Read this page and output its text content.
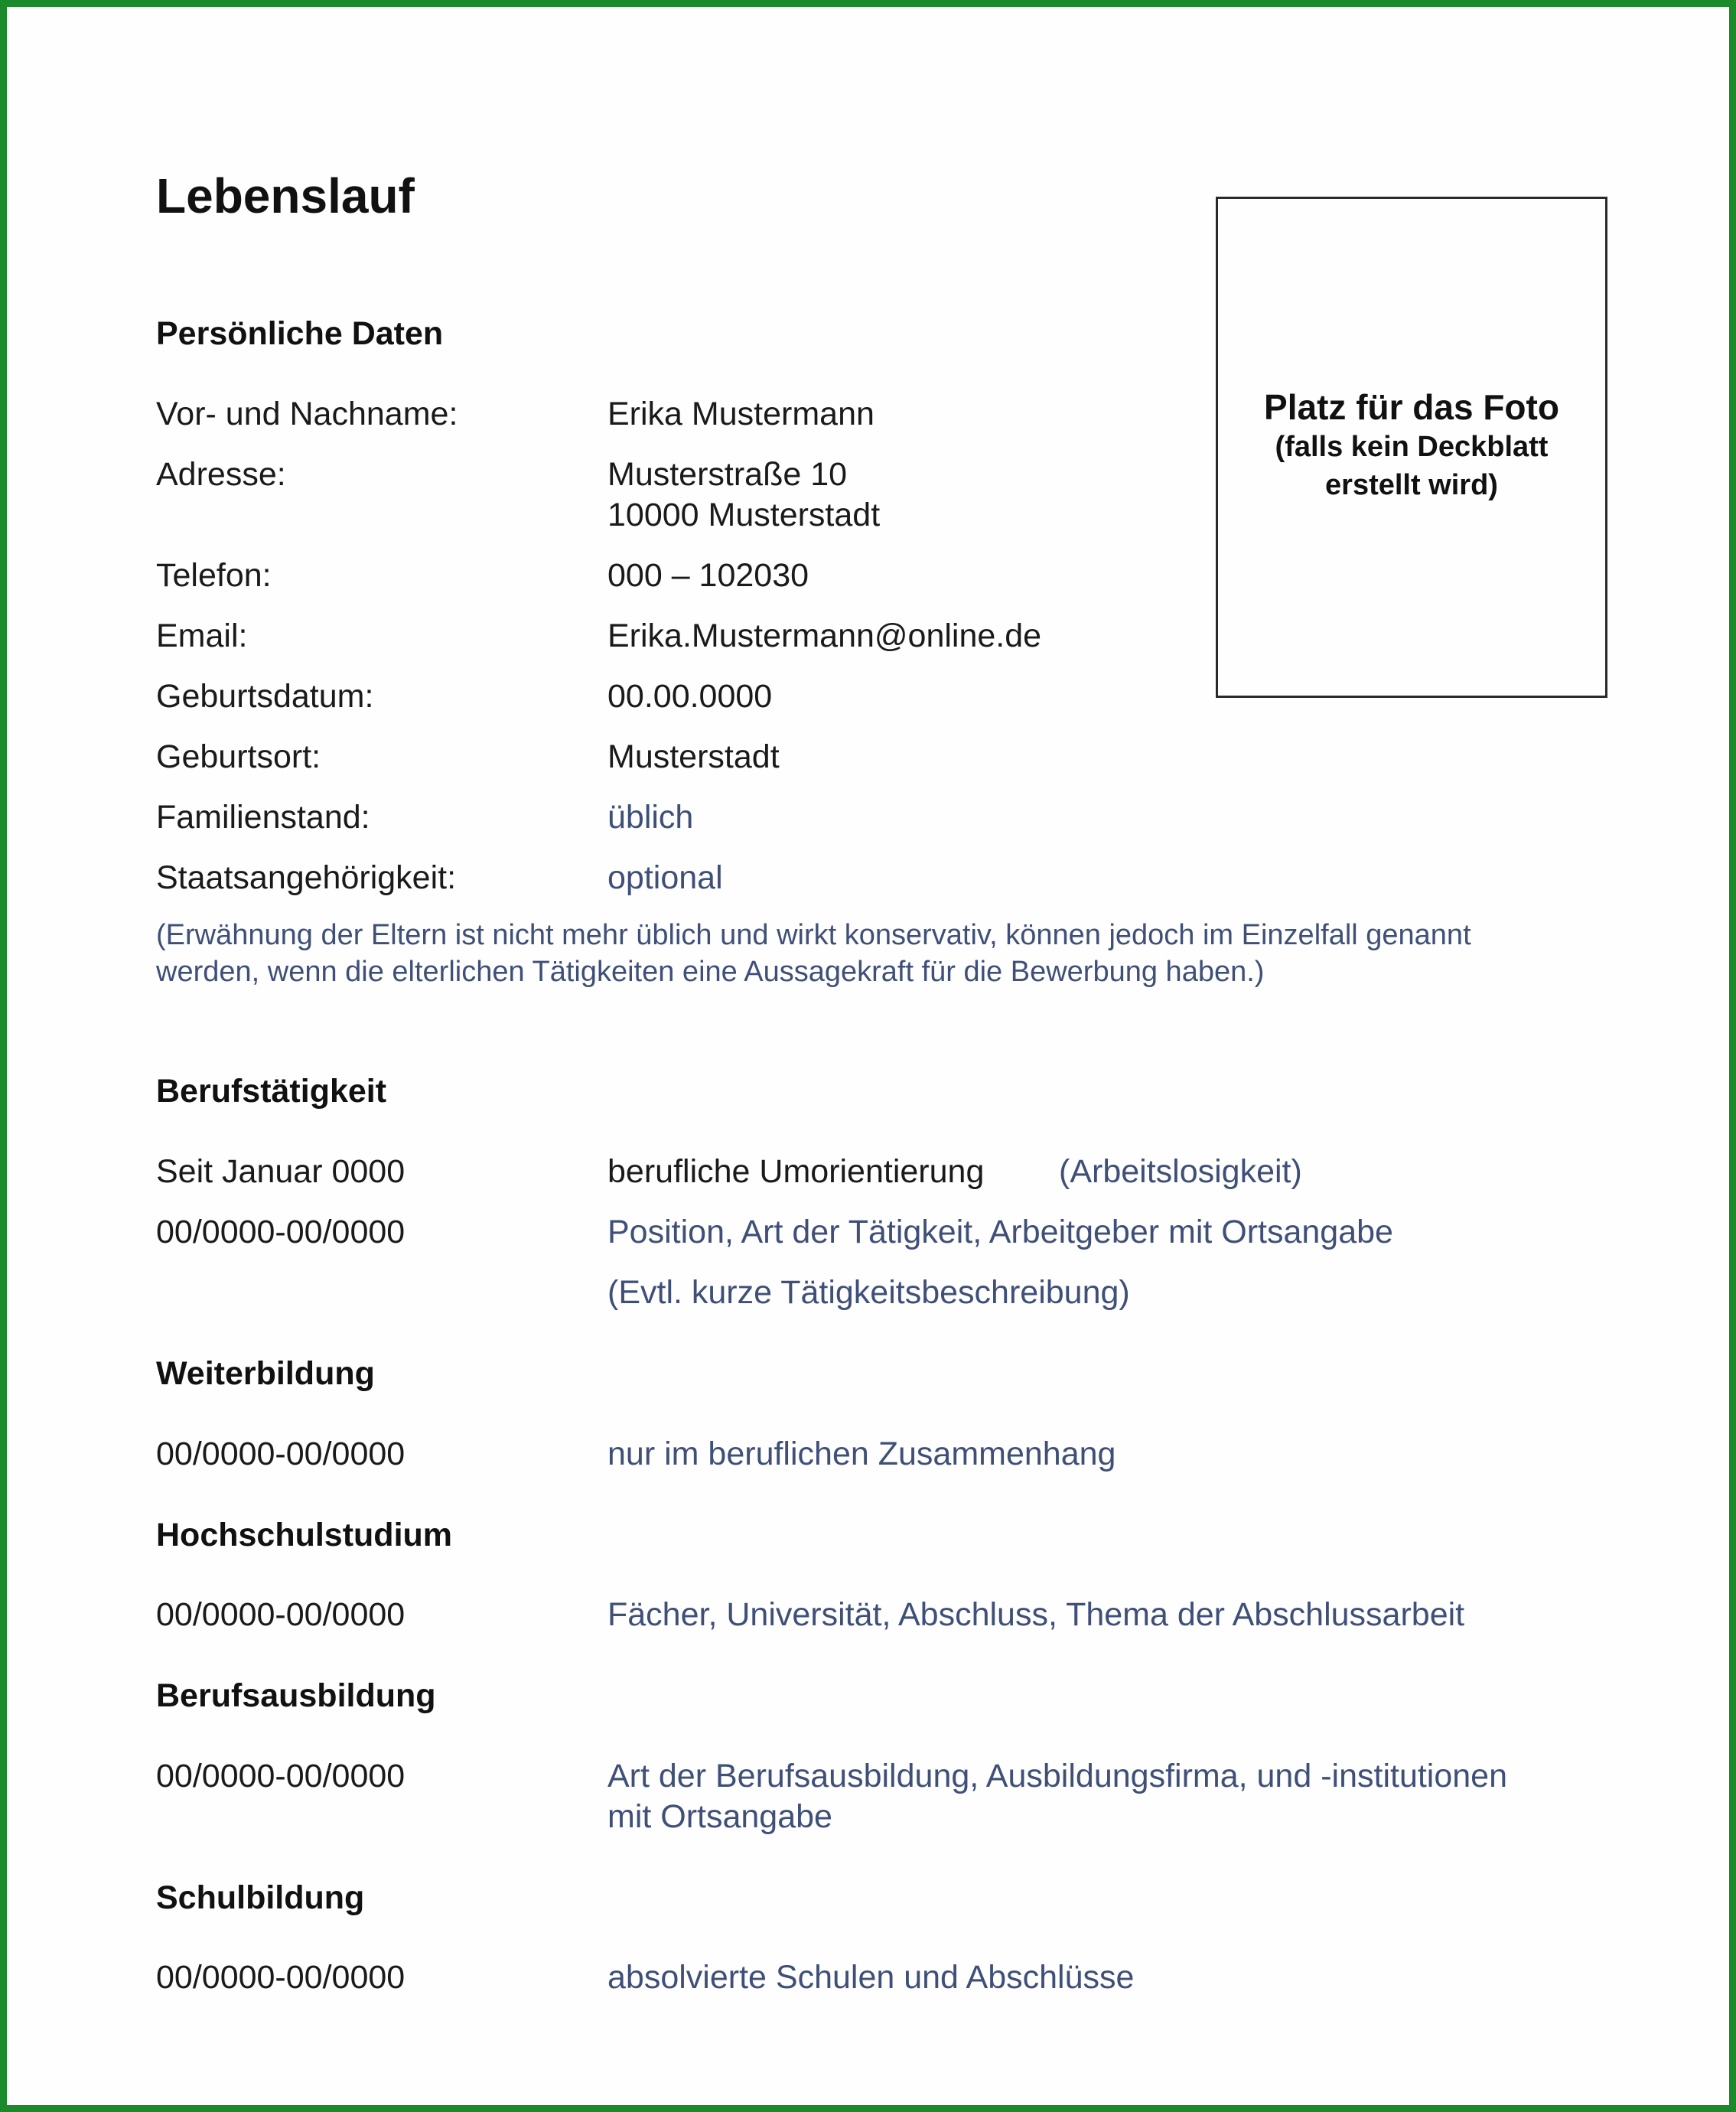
Lebenslauf
Platz für das Foto
(falls kein Deckblatt
erstellt wird)
Persönliche Daten
Vor- und Nachname:	Erika Mustermann
Adresse:	Musterstraße 10
10000 Musterstadt
Telefon:	000 – 102030
Email:	Erika.Mustermann@online.de
Geburtsdatum:	00.00.0000
Geburtsort:	Musterstadt
Familienstand:	üblich
Staatsangehörigkeit:	optional
(Erwähnung der Eltern ist nicht mehr üblich und wirkt konservativ, können jedoch im Einzelfall genannt
werden, wenn die elterlichen Tätigkeiten eine Aussagekraft für die Bewerbung haben.)
Berufstätigkeit
Seit Januar 0000	berufliche Umorientierung (Arbeitslosigkeit)
00/0000-00/0000	Position, Art der Tätigkeit, Arbeitgeber mit Ortsangabe
(Evtl. kurze Tätigkeitsbeschreibung)
Weiterbildung
00/0000-00/0000	nur im beruflichen Zusammenhang
Hochschulstudium
00/0000-00/0000	Fächer, Universität, Abschluss, Thema der Abschlussarbeit
Berufsausbildung
00/0000-00/0000	Art der Berufsausbildung, Ausbildungsfirma, und -institutionen
mit Ortsangabe
Schulbildung
00/0000-00/0000	absolvierte Schulen und Abschlüsse
